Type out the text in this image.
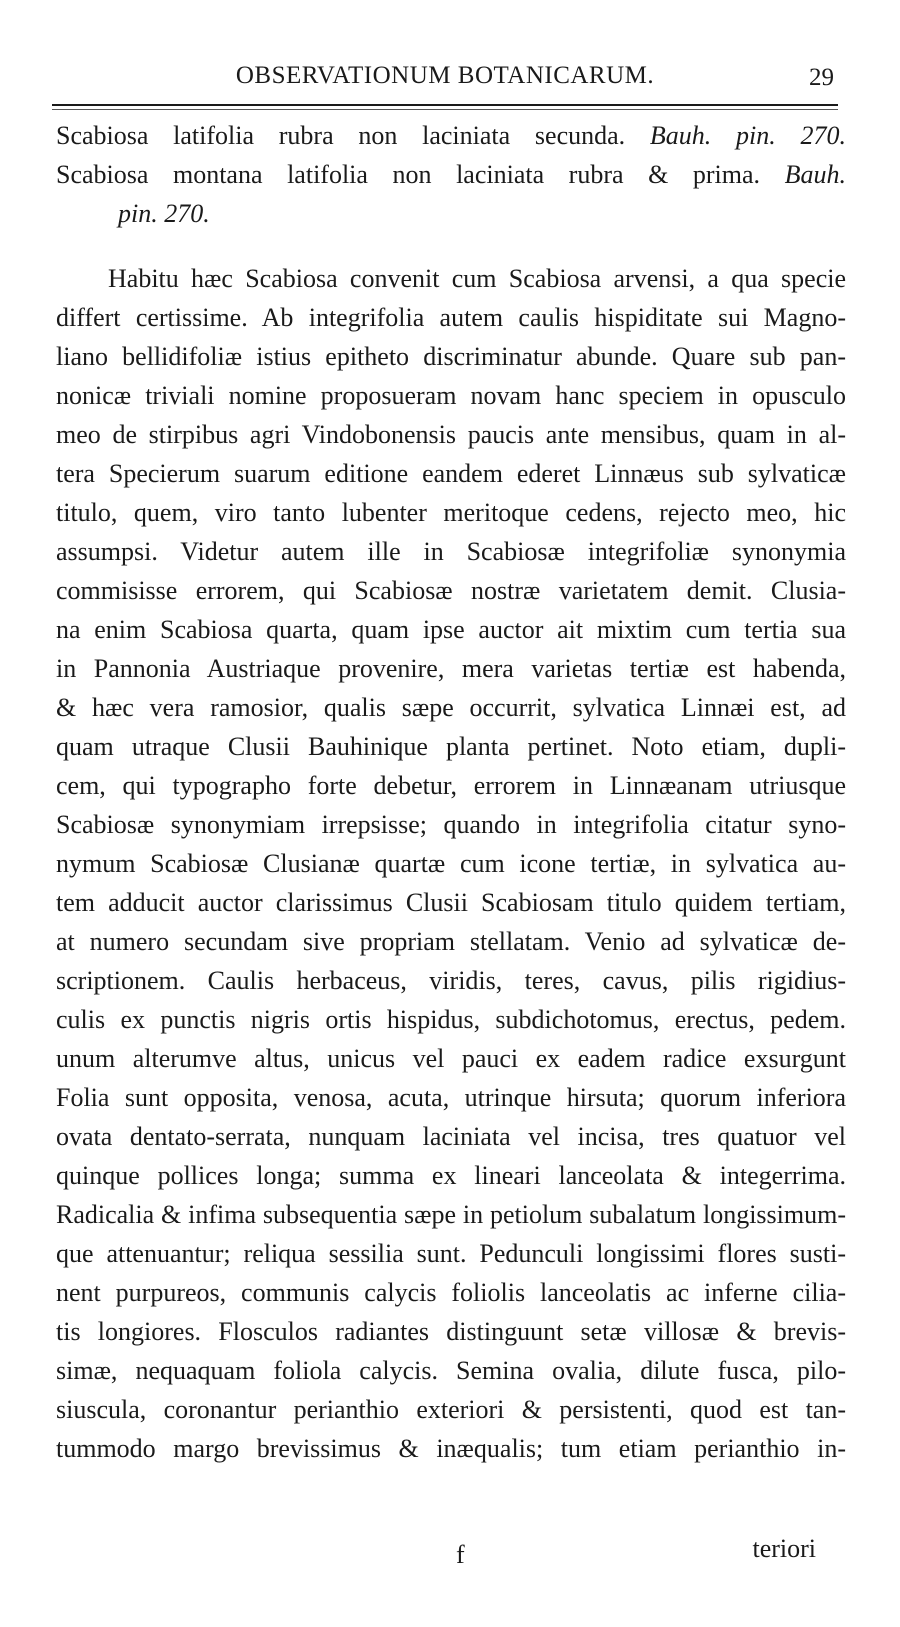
OBSERVATIONUM BOTANICARUM.	29
Scabiosa latifolia rubra non laciniata secunda. Bauh. pin. 270.
Scabiosa montana latifolia non laciniata rubra & prima. Bauh.
pin. 270.
Habitu hæc Scabiosa convenit cum Scabiosa arvensi, a qua specie
differt certissime. Ab integrifolia autem caulis hispiditate sui Magno-
liano bellidifoliæ istius epitheto discriminatur abunde. Quare sub pan-
nonicæ triviali nomine proposueram novam hanc speciem in opusculo
meo de stirpibus agri Vindobonensis paucis ante mensibus, quam in al-
tera Specierum suarum editione eandem ederet Linnæus sub sylvaticæ
titulo, quem, viro tanto lubenter meritoque cedens, rejecto meo, hic
assumpsi. Videtur autem ille in Scabiosæ integrifoliæ synonymia
commisisse errorem, qui Scabiosæ nostræ varietatem demit. Clusia-
na enim Scabiosa quarta, quam ipse auctor ait mixtim cum tertia sua
in Pannonia Austriaque provenire, mera varietas tertiæ est habenda,
& hæc vera ramosior, qualis sæpe occurrit, sylvatica Linnæi est, ad
quam utraque Clusii Bauhinique planta pertinet. Noto etiam, dupli-
cem, qui typographo forte debetur, errorem in Linnæanam utriusque
Scabiosæ synonymiam irrepsisse; quando in integrifolia citatur syno-
nymum Scabiosæ Clusianæ quartæ cum icone tertiæ, in sylvatica au-
tem adducit auctor clarissimus Clusii Scabiosam titulo quidem tertiam,
at numero secundam sive propriam stellatam. Venio ad sylvaticæ de-
scriptionem. Caulis herbaceus, viridis, teres, cavus, pilis rigidius-
culis ex punctis nigris ortis hispidus, subdichotomus, erectus, pedem.
unum alterumve altus, unicus vel pauci ex eadem radice exsurgunt
Folia sunt opposita, venosa, acuta, utrinque hirsuta; quorum inferiora
ovata dentato-serrata, nunquam laciniata vel incisa, tres quatuor vel
quinque pollices longa; summa ex lineari lanceolata & integerrima.
Radicalia & infima subsequentia sæpe in petiolum subalatum longissimum-
que attenuantur; reliqua sessilia sunt. Pedunculi longissimi flores susti-
nent purpureos, communis calycis foliolis lanceolatis ac inferne cilia-
tis longiores. Flosculos radiantes distinguunt setæ villosæ & brevis-
simæ, nequaquam foliola calycis. Semina ovalia, dilute fusca, pilo-
siuscula, coronantur perianthio exteriori & persistenti, quod est tan-
tummodo margo brevissimus & inæqualis; tum etiam perianthio in-
f	teriori
